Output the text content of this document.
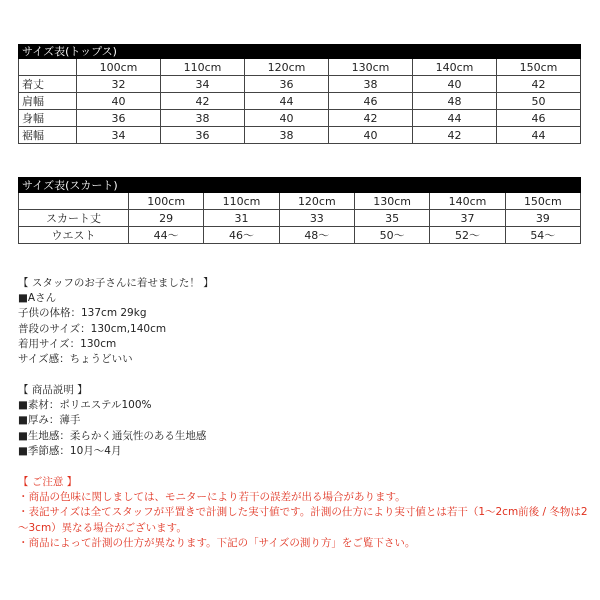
サイズ表(トップス)						
	100cm	110cm	120cm	130cm	140cm	150cm
着丈	32	34	36	38	40	42
肩幅	40	42	44	46	48	50
身幅	36	38	40	42	44	46
裾幅	34	36	38	40	42	44
サイズ表(スカート)						
	100cm	110cm	120cm	130cm	140cm	150cm
スカート丈	29	31	33	35	37	39
ウエスト	44～	46～	48～	50～	52～	54～
【 スタッフのお子さんに着せました！ 】
■Aさん
子供の体格：137cm 29kg
普段のサイズ：130cm,140cm
着用サイズ：130cm
サイズ感：ちょうどいい
【 商品説明 】
■素材：ポリエステル100%
■厚み：薄手
■生地感：柔らかく通気性のある生地感
■季節感：10月～4月
【 ご注意 】
・商品の色味に関しましては、モニターにより若干の誤差が出る場合があります。
・表記サイズは全てスタッフが平置きで計測した実寸値です。計測の仕方により実寸値とは若干（1～2cm前後 / 冬物は2～3cm）異なる場合がございます。
・商品によって計測の仕方が異なります。下記の「サイズの測り方」をご覧下さい。
